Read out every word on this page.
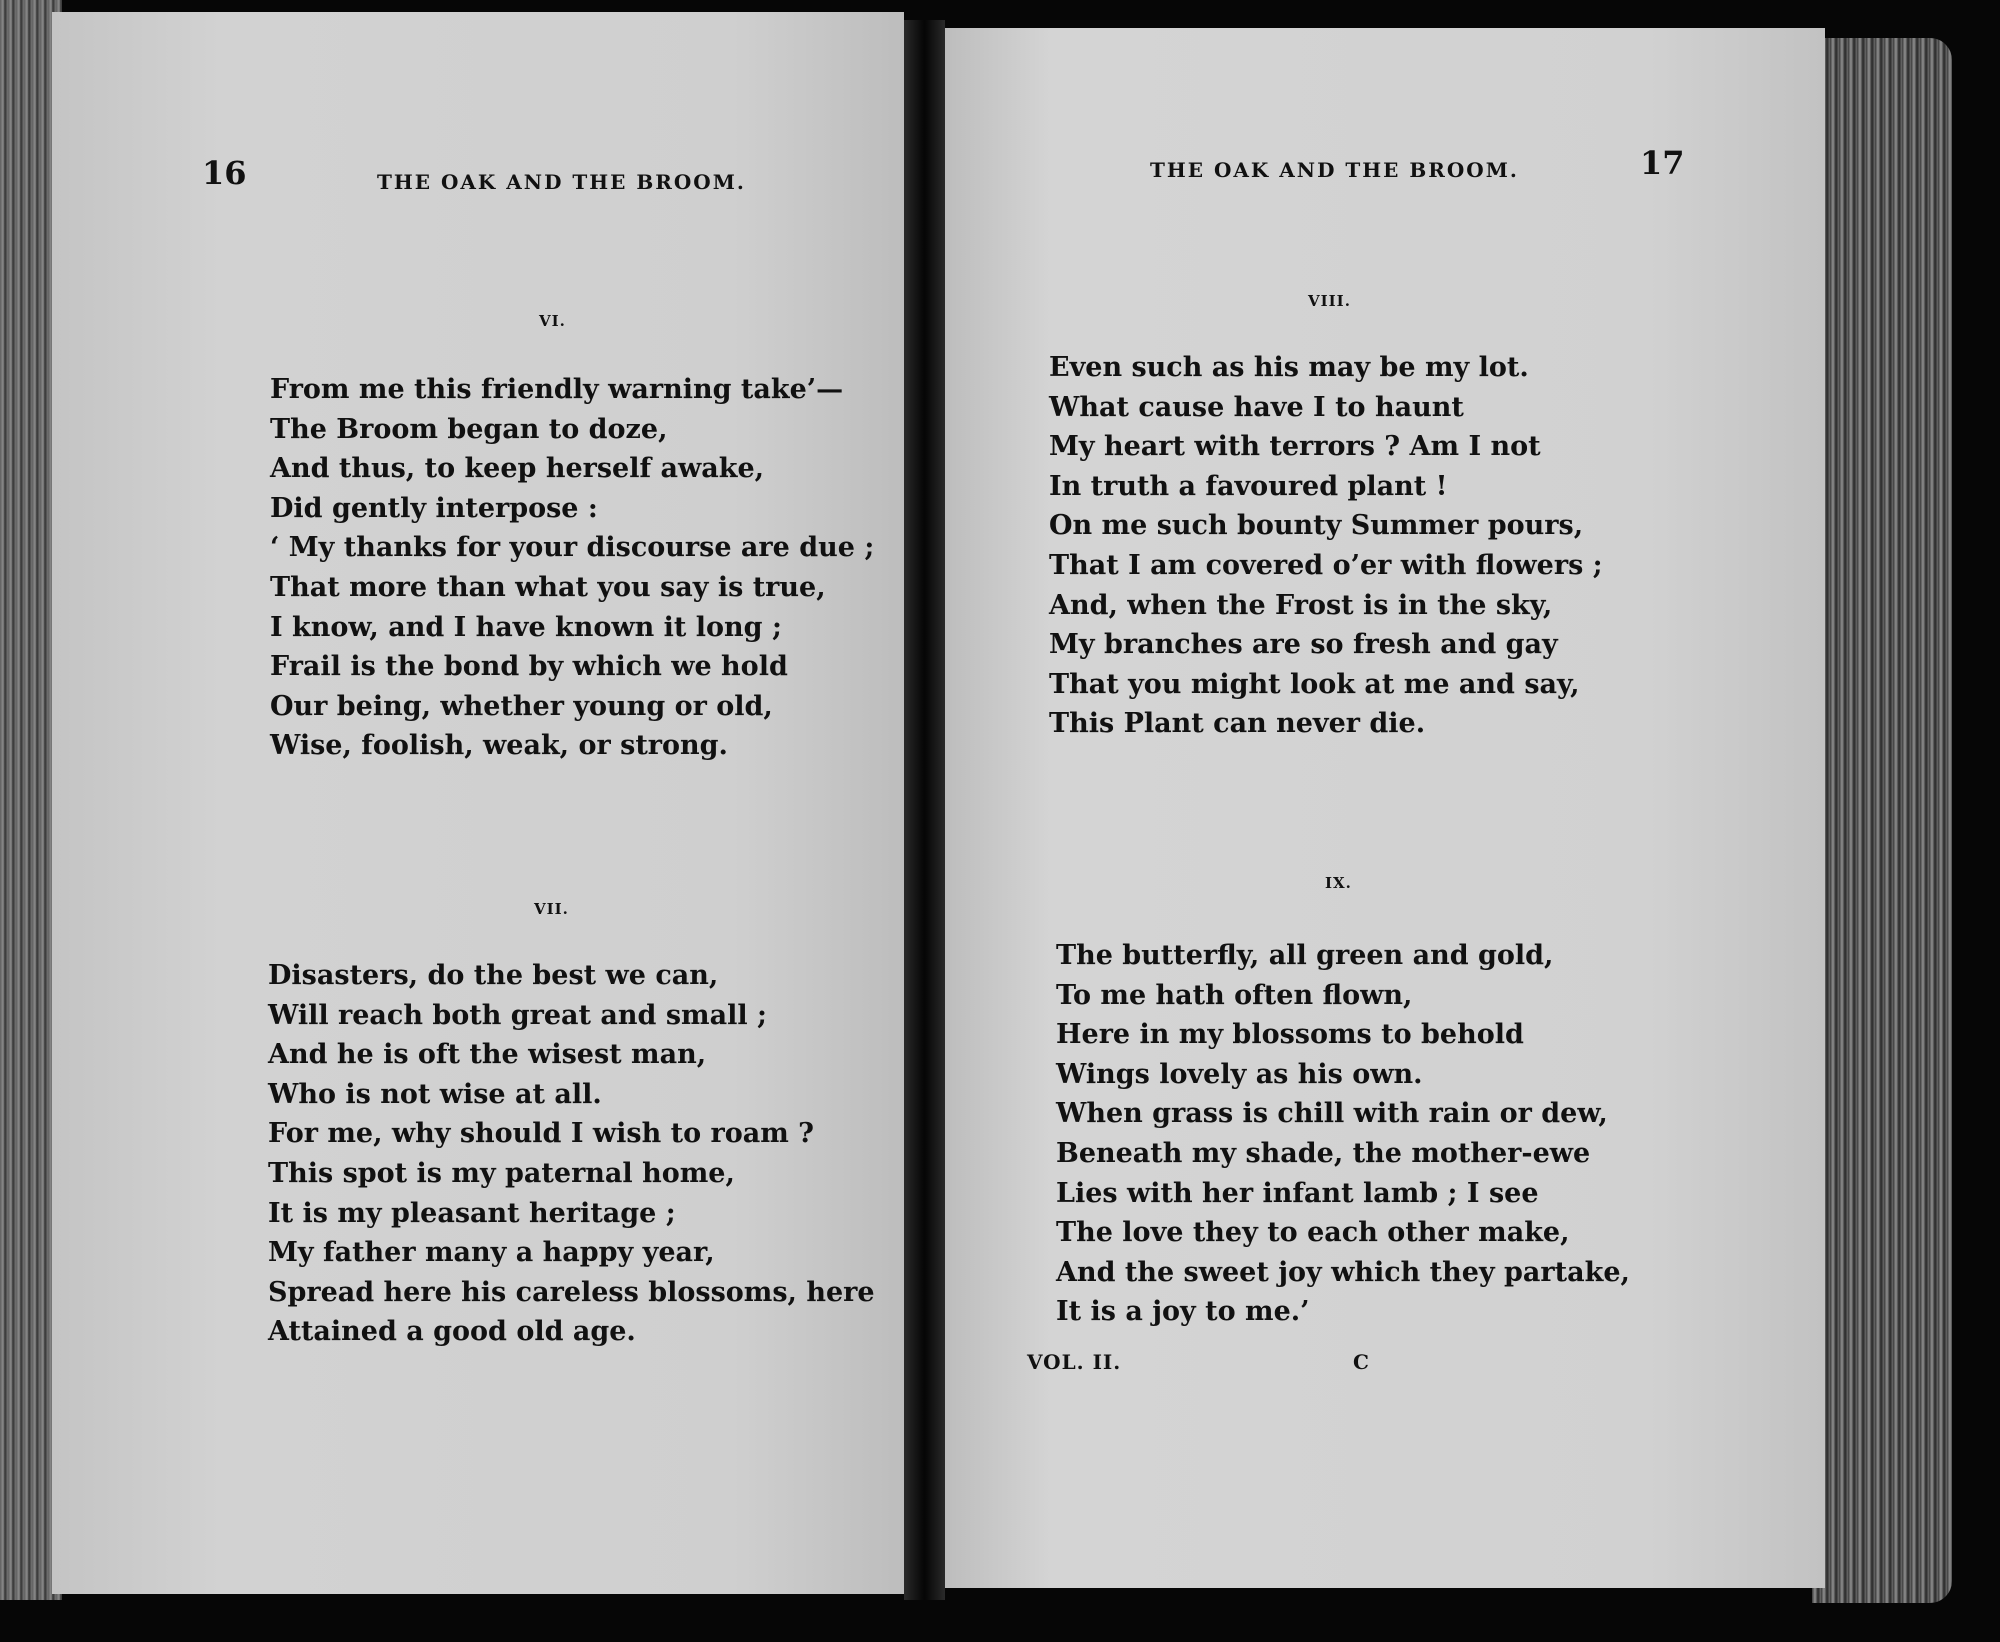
16	THE OAK AND THE BROOM.
VI.
From me this friendly warning take’—
The Broom began to doze,
And thus, to keep herself awake,
Did gently interpose :
‘ My thanks for your discourse are due ;
That more than what you say is true,
I know, and I have known it long ;
Frail is the bond by which we hold
Our being, whether young or old,
Wise, foolish, weak, or strong.
VII.
Disasters, do the best we can,
Will reach both great and small ;
And he is oft the wisest man,
Who is not wise at all.
For me, why should I wish to roam ?
This spot is my paternal home,
It is my pleasant heritage ;
My father many a happy year,
Spread here his careless blossoms, here
Attained a good old age.
THE OAK AND THE BROOM.	17
VIII.
Even such as his may be my lot.
What cause have I to haunt
My heart with terrors ? Am I not
In truth a favoured plant !
On me such bounty Summer pours,
That I am covered o’er with flowers ;
And, when the Frost is in the sky,
My branches are so fresh and gay
That you might look at me and say,
This Plant can never die.
IX.
The butterfly, all green and gold,
To me hath often flown,
Here in my blossoms to behold
Wings lovely as his own.
When grass is chill with rain or dew,
Beneath my shade, the mother-ewe
Lies with her infant lamb ; I see
The love they to each other make,
And the sweet joy which they partake,
It is a joy to me.’
VOL. II.	C
